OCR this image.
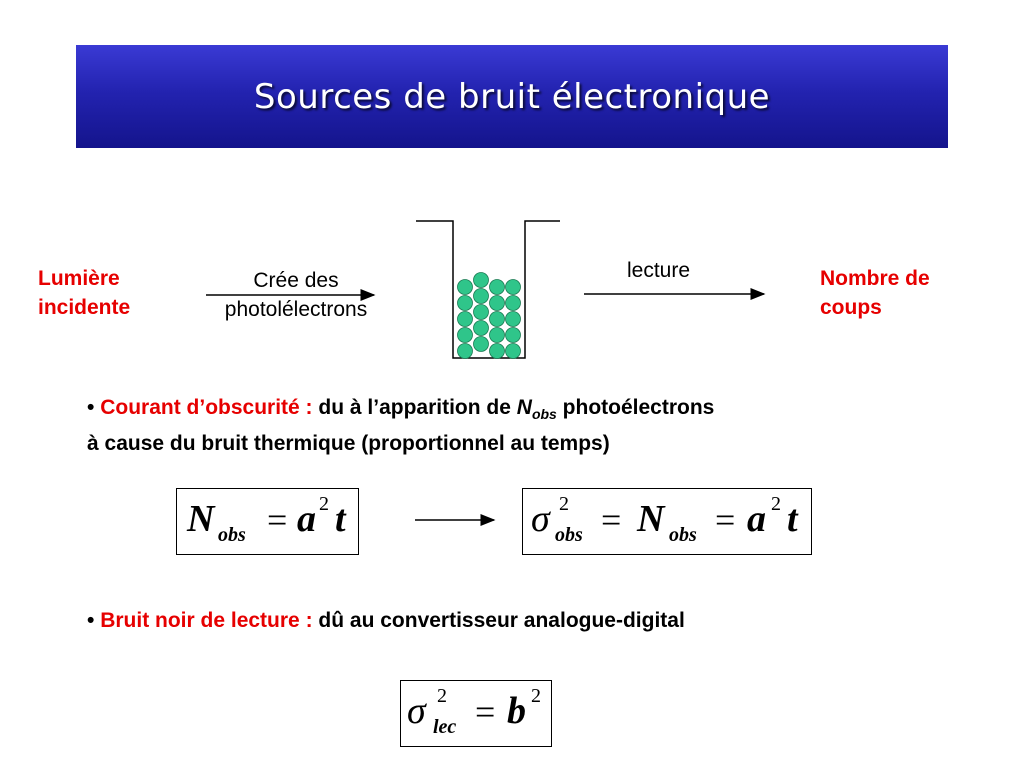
Sources de bruit électronique
Lumière
incidente
Crée des
photolélectrons
lecture	Nombre de
coups
• Courant d’obscurité : du à l’apparition de $N_{obs}$ photoélectrons
à cause du bruit thermique (proportionnel au temps)
N obs = a 2 t	σ 2
obs = N obs = a 2 t
• Bruit noir de lecture : dû au convertisseur analogue-digital
σ 2
lec = b 2
